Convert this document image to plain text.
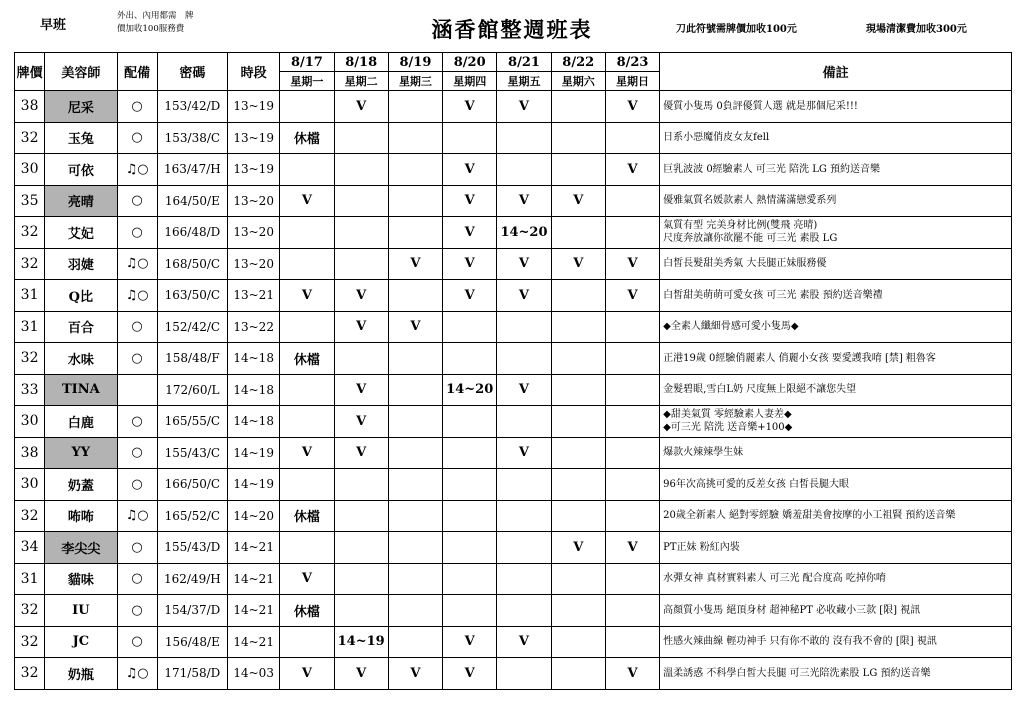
早班
外出、內用都需　牌
價加收100服務費	涵香館整週班表	刀此符號需牌價加收100元	現場清潔費加收300元
牌價	美容師	配備	密碼	時段	8/17	8/18	8/19	8/20	8/21	8/22	8/23	備註
					星期一	星期二	星期三	星期四	星期五	星期六	星期日	
38	尼采	○	153/42/D	13~19		V		V	V		V	優質小隻馬 0負評優質人選 就是那個尼采!!!
32	玉兔	○	153/38/C	13~19	休檔							日系小惡魔俏皮女友fell
30	可依	♫○	163/47/H	13~19				V			V	巨乳波波 0經驗素人 可三光 陪洗 LG 預約送音樂
35	亮晴	○	164/50/E	13~20	V			V	V	V		優雅氣質名媛款素人 熱情滿滿戀愛系列
32	艾妃	○	166/48/D	13~20				V	14~20			氣質有型 完美身材比例(雙飛 亮晴)
尺度奔放讓你欲罷不能 可三光 素股 LG
32	羽婕	♫○	168/50/C	13~20			V	V	V	V	V	白皙長髮甜美秀氣 大長腿正妹服務優
31	Q比	♫○	163/50/C	13~21	V	V		V	V		V	白皙甜美萌萌可愛女孩 可三光 素股 預約送音樂禮
31	百合	○	152/42/C	13~22		V	V					◆全素人纖細骨感可愛小隻馬◆
32	水味	○	158/48/F	14~18	休檔							正港19歲 0經驗俏麗素人 俏麗小女孩 要愛護我唷 [禁] 粗魯客
33	TINA		172/60/L	14~18		V		14~20	V			金髮碧眼,雪白L奶 尺度無上限絕不讓您失望
30	白鹿	○	165/55/C	14~18		V						◆甜美氣質 零經驗素人妻差◆
◆可三光 陪洗 送音樂+100◆
38	YY	○	155/43/C	14~19	V	V			V			爆款火辣辣學生妹
30	奶蓋	○	166/50/C	14~19								96年次高挑可愛的反差女孩 白皙長腿大眼
32	咘咘	♫○	165/52/C	14~20	休檔							20歲全新素人 絕對零經驗 嬌羞甜美會按摩的小工祖賢 預約送音樂
34	李尖尖	○	155/43/D	14~21						V	V	PT正妹 粉紅內裝
31	貓味	○	162/49/H	14~21	V							水彈女神 真材實料素人 可三光 配合度高 吃掉你唷
32	IU	○	154/37/D	14~21	休檔							高顏質小隻馬 絕頂身材 超神秘PT 必收藏小三款 [限] 視訊
32	JC	○	156/48/E	14~21		14~19		V	V			性感火辣曲線 輕功神手 只有你不敢的 沒有我不會的 [限] 視訊
32	奶瓶	♫○	171/58/D	14~03	V	V	V	V			V	溫柔誘惑 不科學白皙大長腿 可三光陪洗素股 LG 預約送音樂
